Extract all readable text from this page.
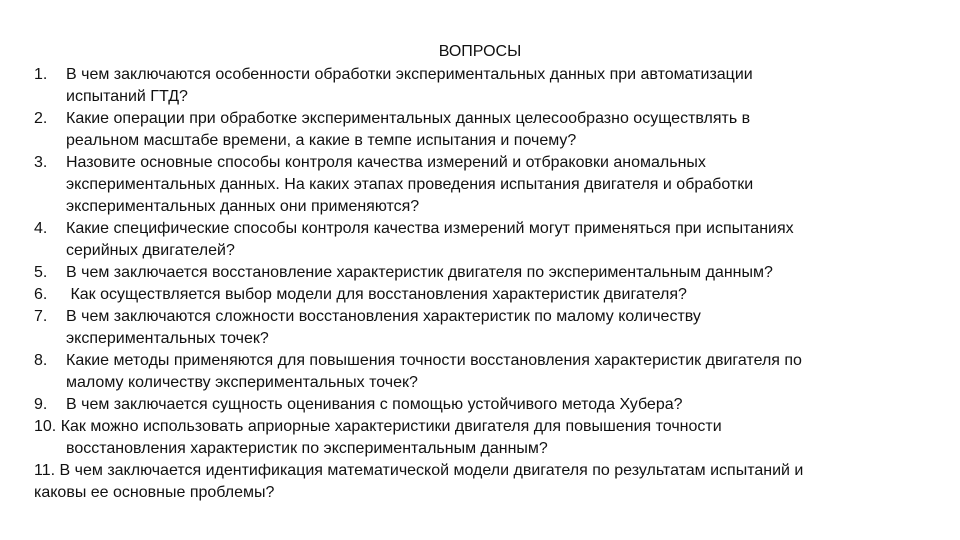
ВОПРОСЫ
1. В чем заключаются особенности обработки экспериментальных данных при автоматизации
испытаний ГТД?
2. Какие операции при обработке экспериментальных данных целесообразно осуществлять в
реальном масштабе времени, а какие в темпе испытания и почему?
3. Назовите основные способы контроля качества измерений и отбраковки аномальных
экспериментальных данных. На каких этапах проведения испытания двигателя и обработки экспериментальных данных они применяются?
4. Какие специфические способы контроля качества измерений могут применяться при испытаниях
серийных двигателей?
5. В чем заключается восстановление характеристик двигателя по экспериментальным данным?
6. Как осуществляется выбор модели для восстановления характеристик двигателя?
7. В чем заключаются сложности восстановления характеристик по малому количеству
экспериментальных точек?
8. Какие методы применяются для повышения точности восстановления характеристик двигателя по
малому количеству экспериментальных точек?
9. В чем заключается сущность оценивания с помощью устойчивого метода Хубера?
10. Как можно использовать априорные характеристики двигателя для повышения точности
восстановления характеристик по экспериментальным данным?
11. В чем заключается идентификация математической модели двигателя по результатам испытаний и
каковы ее основные проблемы?
